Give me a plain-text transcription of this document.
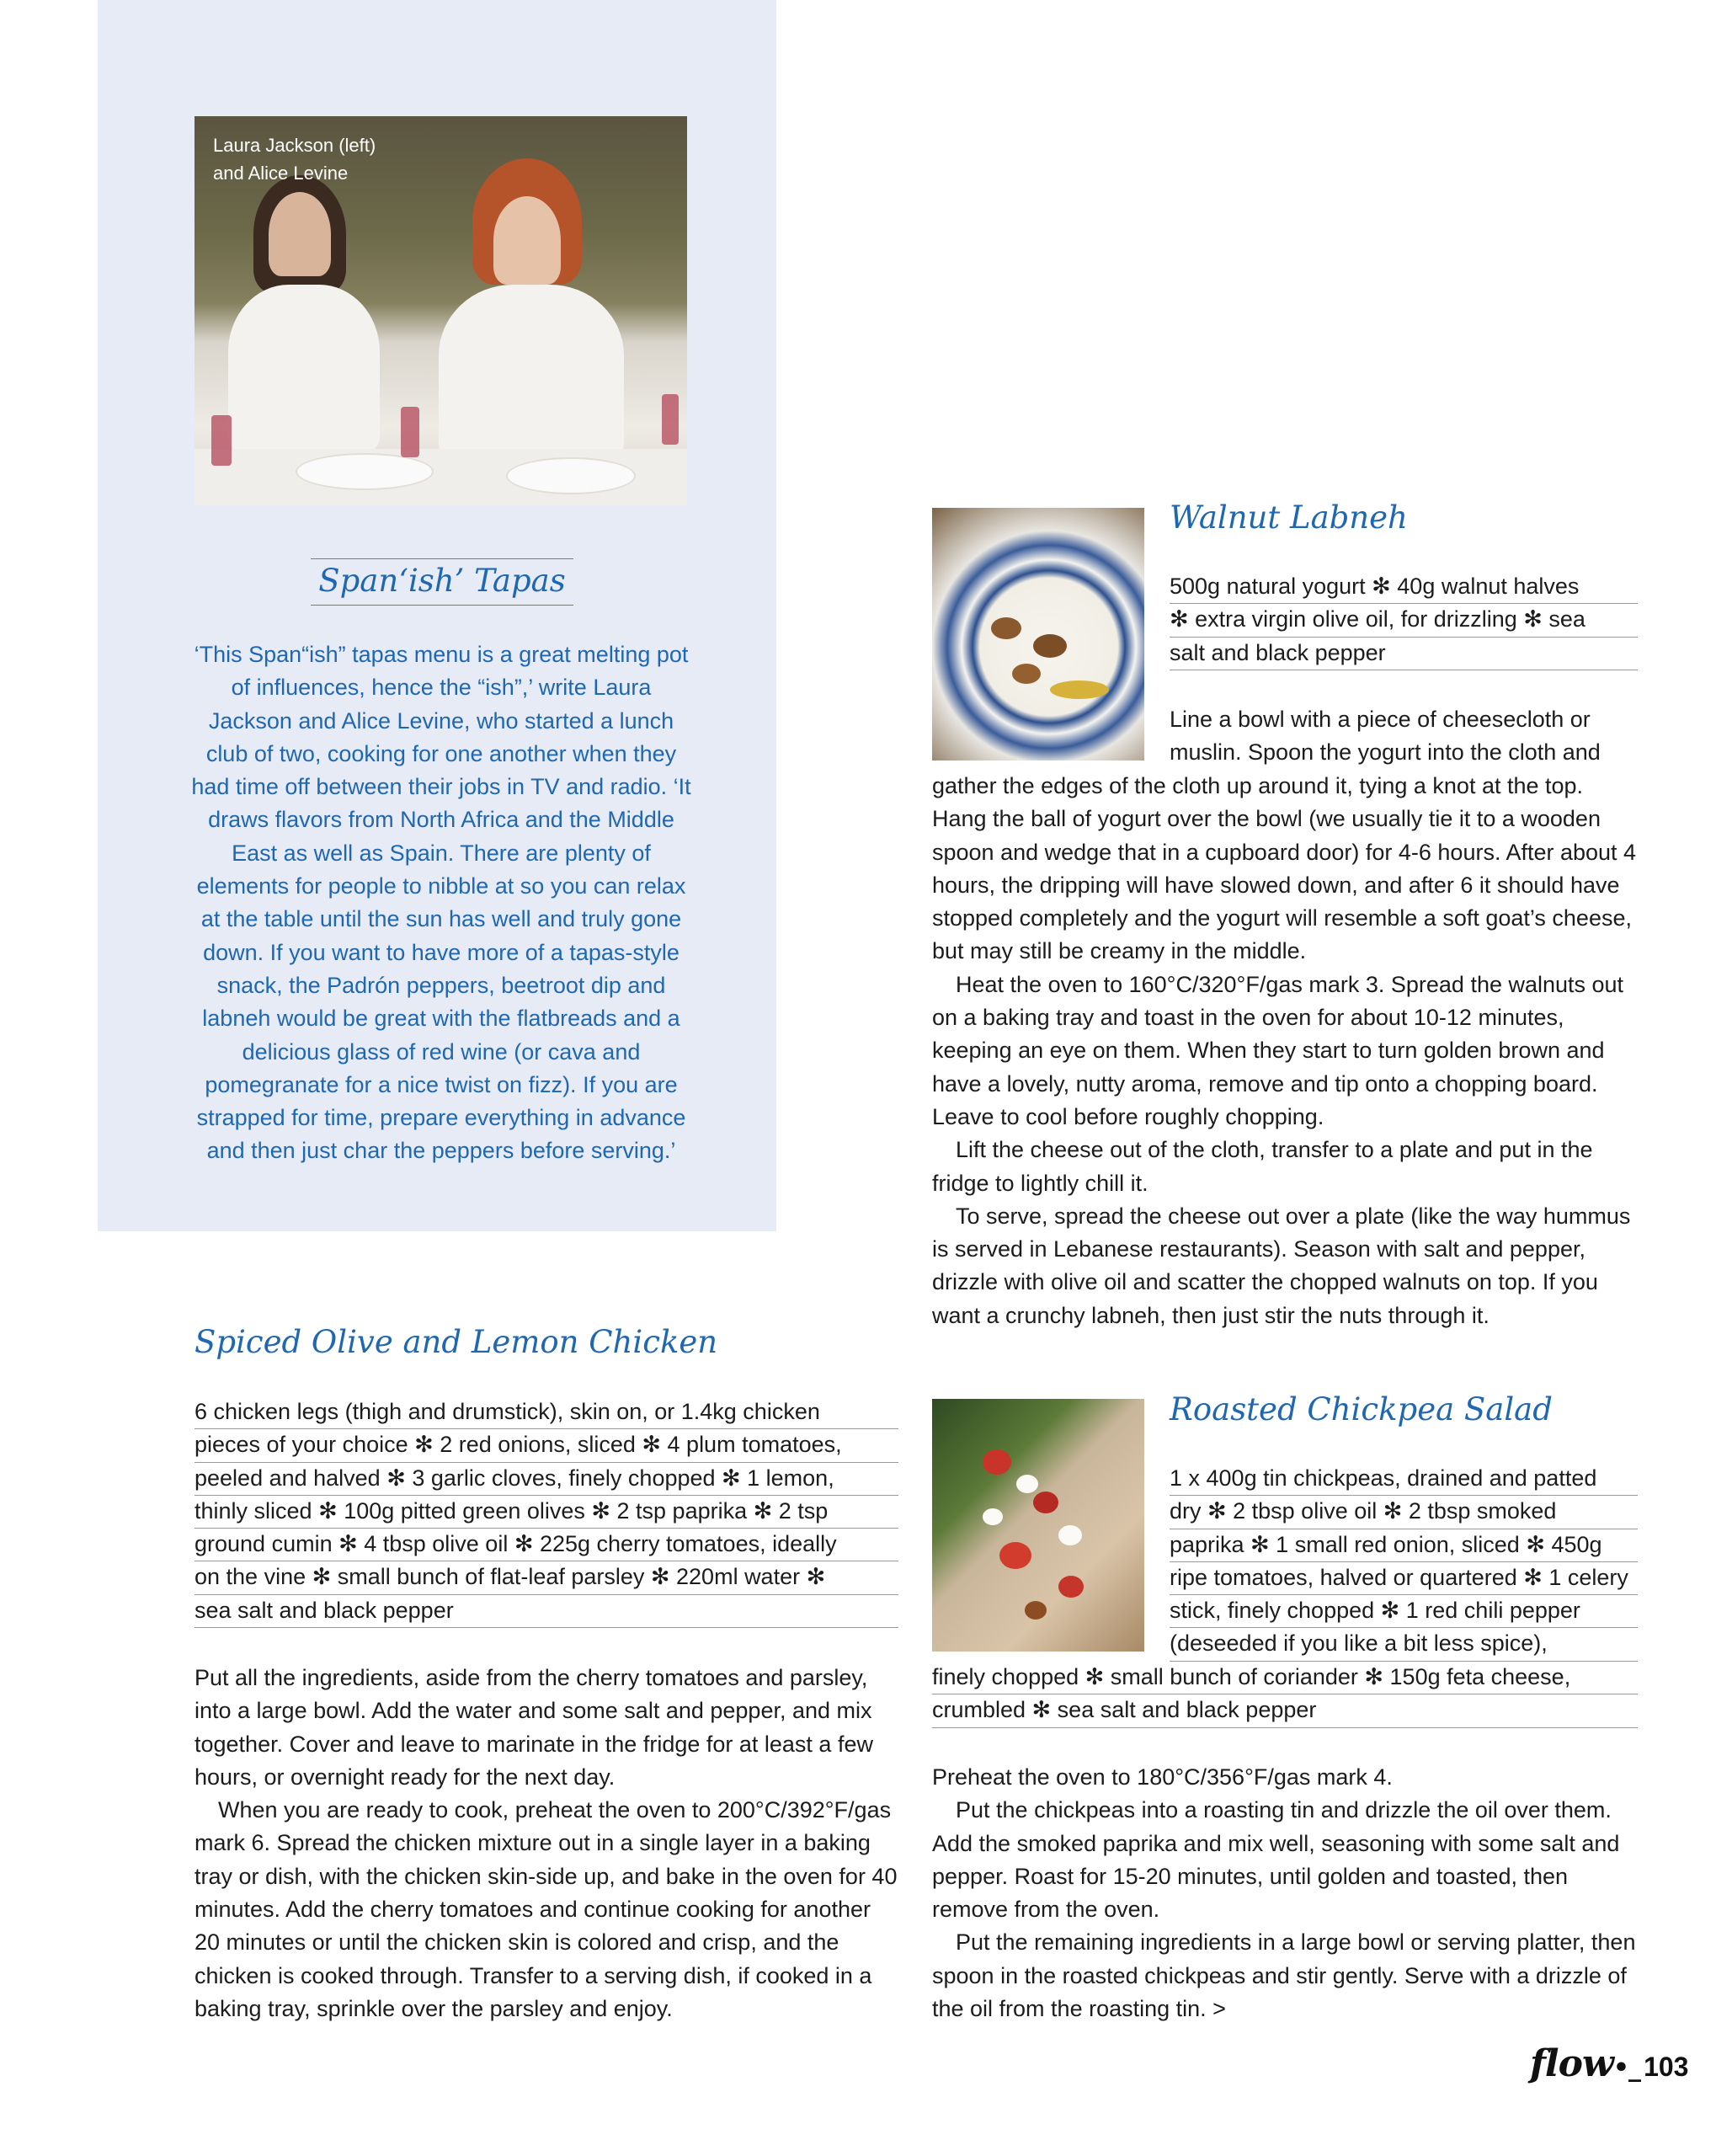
Laura Jackson (left)
and Alice Levine
Span‘ish’ Tapas
‘This Span“ish” tapas menu is a great melting pot of influences, hence the “ish”,’ write Laura Jackson and Alice Levine, who started a lunch club of two, cooking for one another when they had time off between their jobs in TV and radio. ‘It draws flavors from North Africa and the Middle East as well as Spain. There are plenty of elements for people to nibble at so you can relax at the table until the sun has well and truly gone down. If you want to have more of a tapas-style snack, the Padrón peppers, beetroot dip and labneh would be great with the flatbreads and a delicious glass of red wine (or cava and pomegranate for a nice twist on fizz). If you are strapped for time, prepare everything in advance and then just char the peppers before serving.’
Spiced Olive and Lemon Chicken
6 chicken legs (thigh and drumstick), skin on, or 1.4kg chicken
pieces of your choice ✻ 2 red onions, sliced ✻ 4 plum tomatoes,
peeled and halved ✻ 3 garlic cloves, finely chopped ✻ 1 lemon,
thinly sliced ✻ 100g pitted green olives ✻ 2 tsp paprika ✻ 2 tsp
ground cumin ✻ 4 tbsp olive oil ✻ 225g cherry tomatoes, ideally
on the vine ✻ small bunch of flat-leaf parsley ✻ 220ml water ✻
sea salt and black pepper

Put all the ingredients, aside from the cherry tomatoes and parsley, into a large bowl. Add the water and some salt and pepper, and mix together. Cover and leave to marinate in the fridge for at least a few hours, or overnight ready for the next day.

When you are ready to cook, preheat the oven to 200°C/392°F/gas mark 6. Spread the chicken mixture out in a single layer in a baking tray or dish, with the chicken skin-side up, and bake in the oven for 40 minutes. Add the cherry tomatoes and continue cooking for another 20 minutes or until the chicken skin is colored and crisp, and the chicken is cooked through. Transfer to a serving dish, if cooked in a baking tray, sprinkle over the parsley and enjoy.

Walnut Labneh
500g natural yogurt ✻ 40g walnut halves
✻ extra virgin olive oil, for drizzling ✻ sea
salt and black pepper
Line a bowl with a piece of cheesecloth or
muslin. Spoon the yogurt into the cloth and

gather the edges of the cloth up around it, tying a knot at the top. Hang the ball of yogurt over the bowl (we usually tie it to a wooden spoon and wedge that in a cupboard door) for 4-6 hours. After about 4 hours, the dripping will have slowed down, and after 6 it should have stopped completely and the yogurt will resemble a soft goat’s cheese, but may still be creamy in the middle.

Heat the oven to 160°C/320°F/gas mark 3. Spread the walnuts out on a baking tray and toast in the oven for about 10-12 minutes, keeping an eye on them. When they start to turn golden brown and have a lovely, nutty aroma, remove and tip onto a chopping board. Leave to cool before roughly chopping.

Lift the cheese out of the cloth, transfer to a plate and put in the fridge to lightly chill it.

To serve, spread the cheese out over a plate (like the way hummus is served in Lebanese restaurants). Season with salt and pepper, drizzle with olive oil and scatter the chopped walnuts on top. If you want a crunchy labneh, then just stir the nuts through it.

Roasted Chickpea Salad
1 x 400g tin chickpeas, drained and patted
dry ✻ 2 tbsp olive oil ✻ 2 tbsp smoked
paprika ✻ 1 small red onion, sliced ✻ 450g
ripe tomatoes, halved or quartered ✻ 1 celery
stick, finely chopped ✻ 1 red chili pepper
(deseeded if you like a bit less spice),
finely chopped ✻ small bunch of coriander ✻ 150g feta cheese,
crumbled ✻ sea salt and black pepper

Preheat the oven to 180°C/356°F/gas mark 4.

Put the chickpeas into a roasting tin and drizzle the oil over them. Add the smoked paprika and mix well, seasoning with some salt and pepper. Roast for 15-20 minutes, until golden and toasted, then remove from the oven.

Put the remaining ingredients in a large bowl or serving platter, then spoon in the roasted chickpeas and stir gently. Serve with a drizzle of the oil from the roasting tin. >

flow•_ 103
